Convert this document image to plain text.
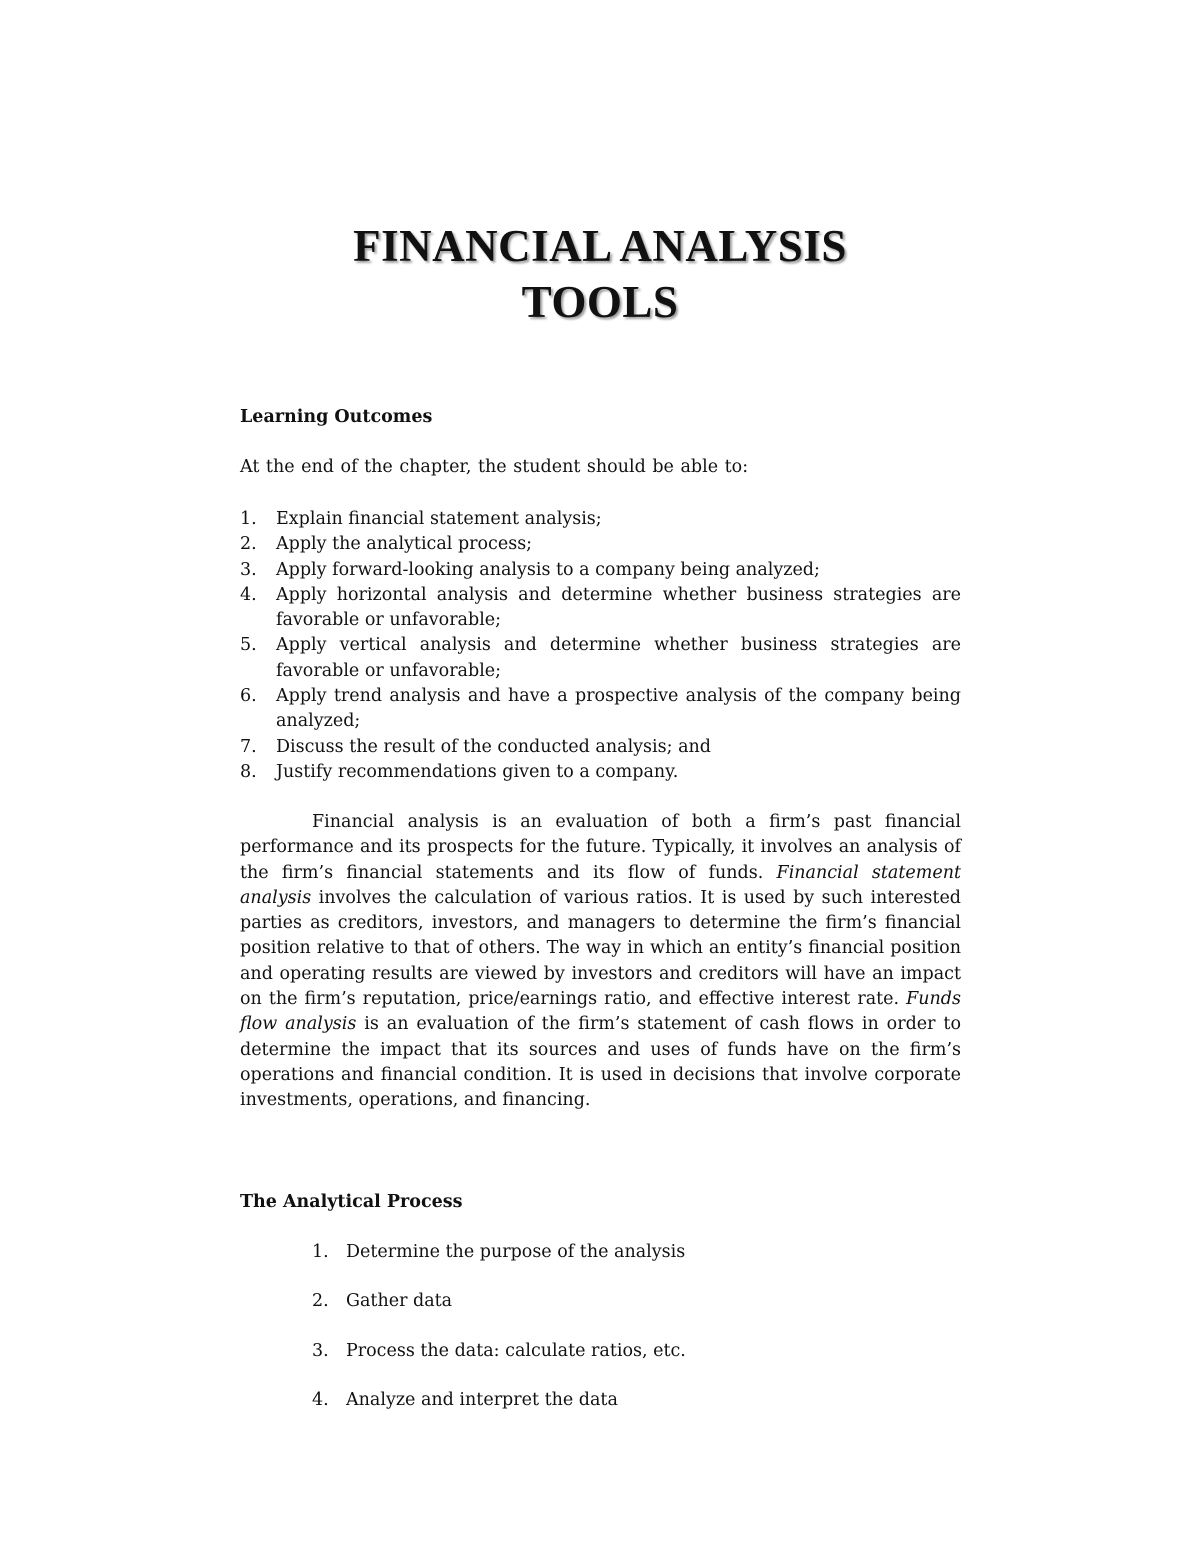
FINANCIAL ANALYSIS
TOOLS
Learning Outcomes
At the end of the chapter, the student should be able to:
1. Explain financial statement analysis;
2. Apply the analytical process;
3. Apply forward-looking analysis to a company being analyzed;
4. Apply horizontal analysis and determine whether business strategies are favorable or unfavorable;
5. Apply vertical analysis and determine whether business strategies are favorable or unfavorable;
6. Apply trend analysis and have a prospective analysis of the company being analyzed;
7. Discuss the result of the conducted analysis; and
8. Justify recommendations given to a company.

Financial analysis is an evaluation of both a firm’s past financial performance and its prospects for the future. Typically, it involves an analysis of the firm’s financial statements and its flow of funds. Financial statement analysis involves the calculation of various ratios. It is used by such interested parties as creditors, investors, and managers to determine the firm’s financial position relative to that of others. The way in which an entity’s financial position and operating results are viewed by investors and creditors will have an impact on the firm’s reputation, price/earnings ratio, and effective interest rate. Funds flow analysis is an evaluation of the firm’s statement of cash flows in order to determine the impact that its sources and uses of funds have on the firm’s operations and financial condition. It is used in decisions that involve corporate investments, operations, and financing.

The Analytical Process
1. Determine the purpose of the analysis
2. Gather data
3. Process the data: calculate ratios, etc.
4. Analyze and interpret the data
